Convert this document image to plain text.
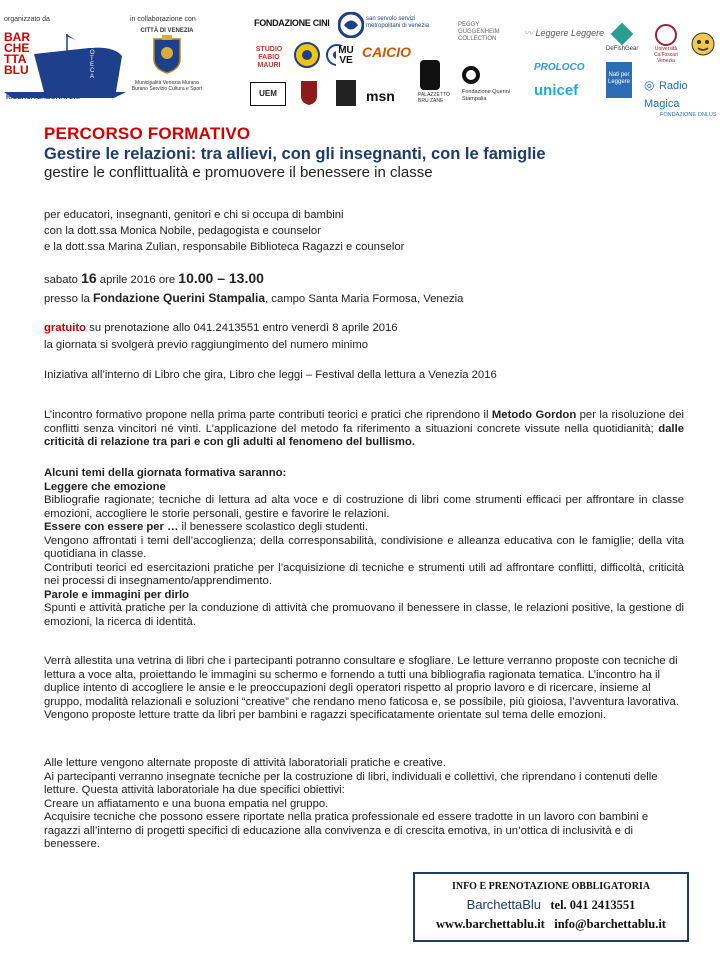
organizzato da
BAR
CHE
TTA
BLU
BIBLIOTECA
RICERCA LABORATORI
in collaborazione con
CITTÀ DI VENEZIA
Municipalità Venezia Murano Burano Servizio Cultura e Sport
FONDAZIONE CINI	san servolo servizi metropolitani di venezia	PEGGY GUGGENHEIM COLLECTION
〰 Leggere Leggere
DeFishGear	Università Ca'Foscari Venezia
STUDIO FABIO MAURI
MU VE
CAICIO
PROLOCO
unicef
Nati per Leggere ◎ Radio Magica
FONDAZIONE ONLUS
UEM	msn	PALAZZETTO BRU ZANE
Fondazione Querini Stampalia
PERCORSO FORMATIVO
Gestire le relazioni: tra allievi, con gli insegnanti, con le famiglie
gestire le conflittualità e promuovere il benessere in classe
per educatori, insegnanti, genitori e chi si occupa di bambini
con la dott.ssa Monica Nobile, pedagogista e counselor
e la dott.ssa Marina Zulian, responsabile Biblioteca Ragazzi e counselor
sabato 16 aprile 2016 ore 10.00 – 13.00
presso la Fondazione Querini Stampalia, campo Santa Maria Formosa, Venezia
gratuito su prenotazione allo 041.2413551 entro venerdì 8 aprile 2016
la giornata si svolgerà previo raggiungimento del numero minimo
Iniziativa all’interno di Libro che gira, Libro che leggi – Festival della lettura a Venezia 2016
L’incontro formativo propone nella prima parte contributi teorici e pratici che riprendono il Metodo Gordon per la risoluzione dei conflitti senza vincitori né vinti. L’applicazione del metodo fa riferimento a situazioni concrete vissute nella quotidianità; dalle criticità di relazione tra pari e con gli adulti al fenomeno del bullismo.
Alcuni temi della giornata formativa saranno:
Leggere che emozione
Bibliografie ragionate; tecniche di lettura ad alta voce e di costruzione di libri come strumenti efficaci per affrontare in classe emozioni, accogliere le storie personali, gestire e favorire le relazioni.
Essere con essere per … il benessere scolastico degli studenti.
Vengono affrontati i temi dell’accoglienza; della corresponsabilità, condivisione e alleanza educativa con le famiglie; della vita quotidiana in classe.
Contributi teorici ed esercitazioni pratiche per l’acquisizione di tecniche e strumenti utili ad affrontare conflitti, difficoltà, criticità nei processi di insegnamento/apprendimento.
Parole e immagini per dirlo
Spunti e attività pratiche per la conduzione di attività che promuovano il benessere in classe, le relazioni positive, la gestione di emozioni, la ricerca di identità.
Verrà allestita una vetrina di libri che i partecipanti potranno consultare e sfogliare. Le letture verranno proposte con tecniche di lettura a voce alta, proiettando le immagini su schermo e fornendo a tutti una bibliografia ragionata tematica. L’incontro ha il duplice intento di accogliere le ansie e le preoccupazioni degli operatori rispetto al proprio lavoro e di ricercare, insieme al gruppo, modalità relazionali e soluzioni “creative” che rendano meno faticosa e, se possibile, più gioiosa, l’avventura lavorativa.
Vengono proposte letture tratte da libri per bambini e ragazzi specificatamente orientate sul tema delle emozioni.
Alle letture vengono alternate proposte di attività laboratoriali pratiche e creative.
Ai partecipanti verranno insegnate tecniche per la costruzione di libri, individuali e collettivi, che riprendano i contenuti delle letture. Questa attività laboratoriale ha due specifici obiettivi:
Creare un affiatamento e una buona empatia nel gruppo.
Acquisire tecniche che possono essere riportate nella pratica professionale ed essere tradotte in un lavoro con bambini e ragazzi all’interno di progetti specifici di educazione alla convivenza e di crescita emotiva, in un’ottica di inclusività e di benessere.
INFO E PRENOTAZIONE OBBLIGATORIA
BarchettaBlu tel. 041 2413551
www.barchettablu.it info@barchettablu.it
